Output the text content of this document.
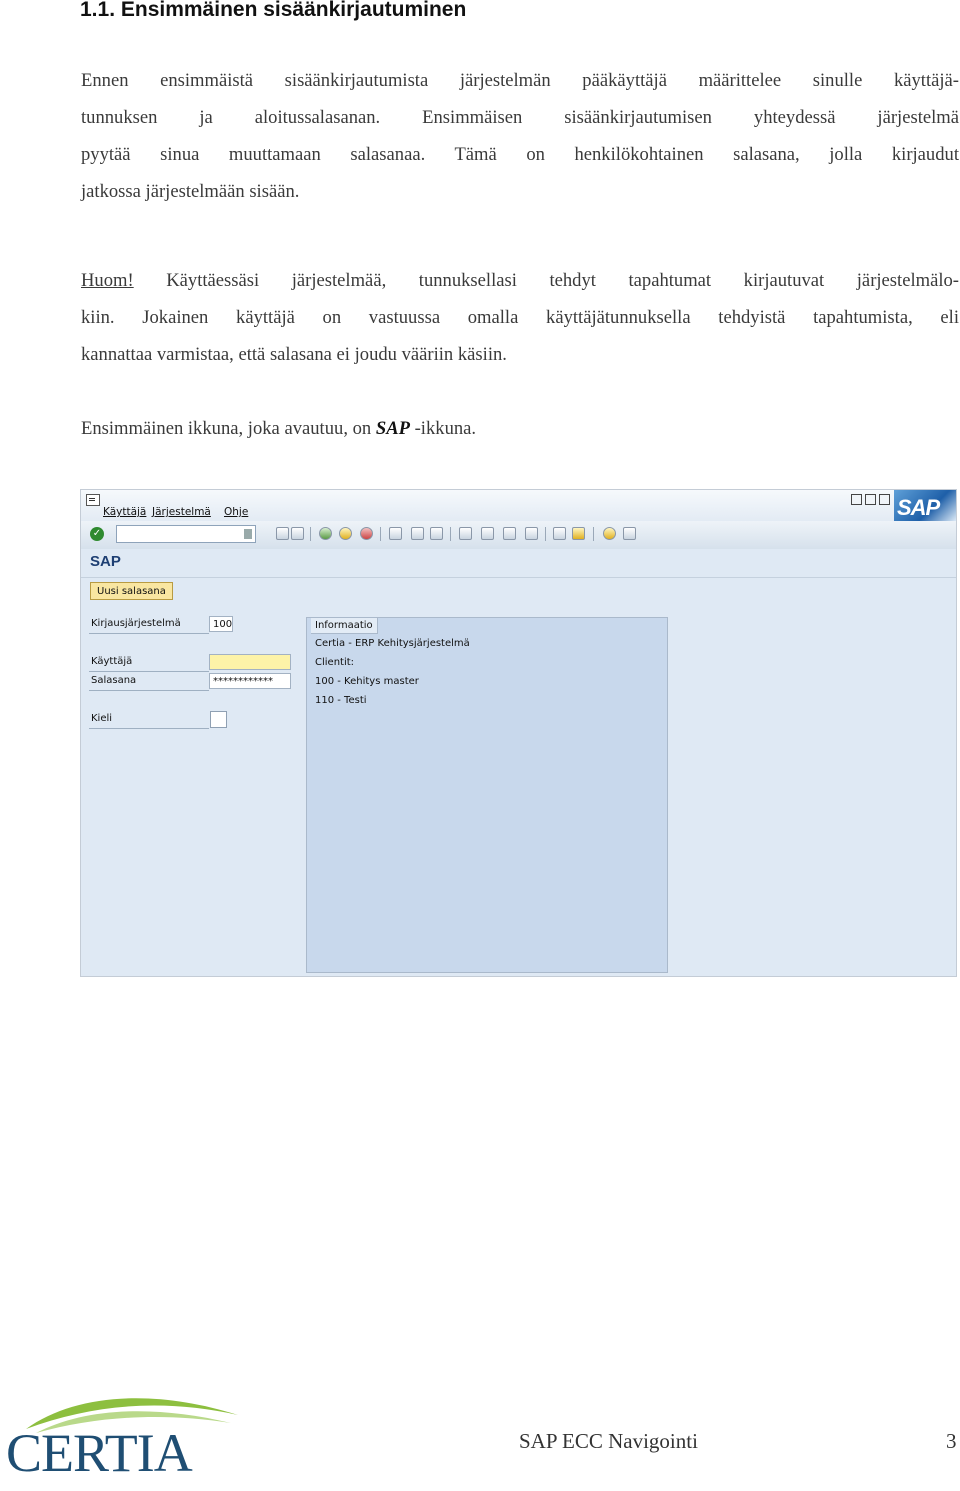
1.1. Ensimmäinen sisäänkirjautuminen

Ennen ensimmäistä sisäänkirjautumista järjestelmän pääkäyttäjä määrittelee sinulle käyttäjä-
tunnuksen ja aloitussalasanan. Ensimmäisen sisäänkirjautumisen yhteydessä järjestelmä
pyytää sinua muuttamaan salasanaa. Tämä on henkilökohtainen salasana, jolla kirjaudut
jatkossa järjestelmään sisään.

Huom! Käyttäessäsi järjestelmää, tunnuksellasi tehdyt tapahtumat kirjautuvat järjestelmälo-
kiin. Jokainen käyttäjä on vastuussa omalla käyttäjätunnuksella tehdyistä tapahtumista, eli
kannattaa varmistaa, että salasana ei joudu vääriin käsiin.

Ensimmäinen ikkuna, joka avautuu, on SAP -ikkuna.

Käyttäjä Järjestelmä Ohje	SAP
✓
SAP
Uusi salasana
Kirjausjärjestelmä	100
Käyttäjä
Salasana	************
Kieli
Informaatio
Certia - ERP Kehitysjärjestelmä
Clientit:
100 - Kehitys master
110 - Testi
CERTIA	SAP ECC Navigointi	3
